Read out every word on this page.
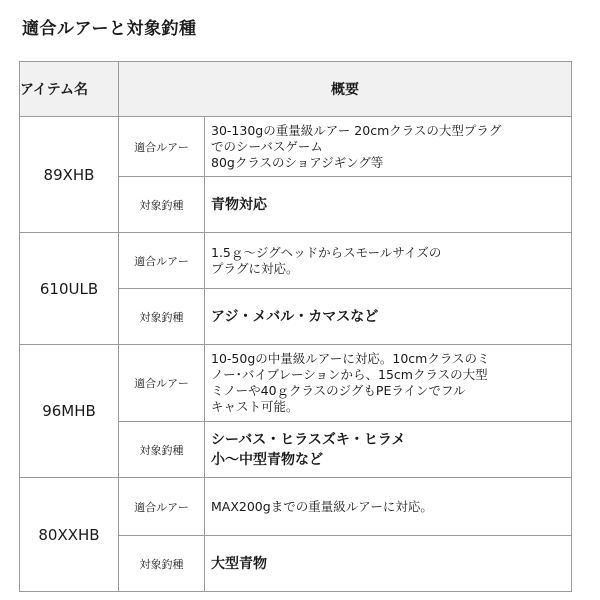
適合ルアーと対象釣種
アイテム名	概要	
89XHB	適合ルアー	30-130gの重量級ルアー 20cmクラスの大型プラグ
でのシーバスゲーム
80gクラスのショアジギング等

	対象釣種	青物対応

610ULB	適合ルアー	1.5ｇ～ジグヘッドからスモールサイズの
プラグに対応。

	対象釣種	アジ・メバル・カマスなど

96MHB	適合ルアー	10-50gの中量級ルアーに対応。10cmクラスのミ
ノー･バイブレーションから、15cmクラスの大型
ミノーや40ｇクラスのジグもPEラインでフル
キャスト可能。

	対象釣種	シーバス・ヒラスズキ・ヒラメ
小～中型青物など

80XXHB	適合ルアー	MAX200gまでの重量級ルアーに対応。

	対象釣種	大型青物
